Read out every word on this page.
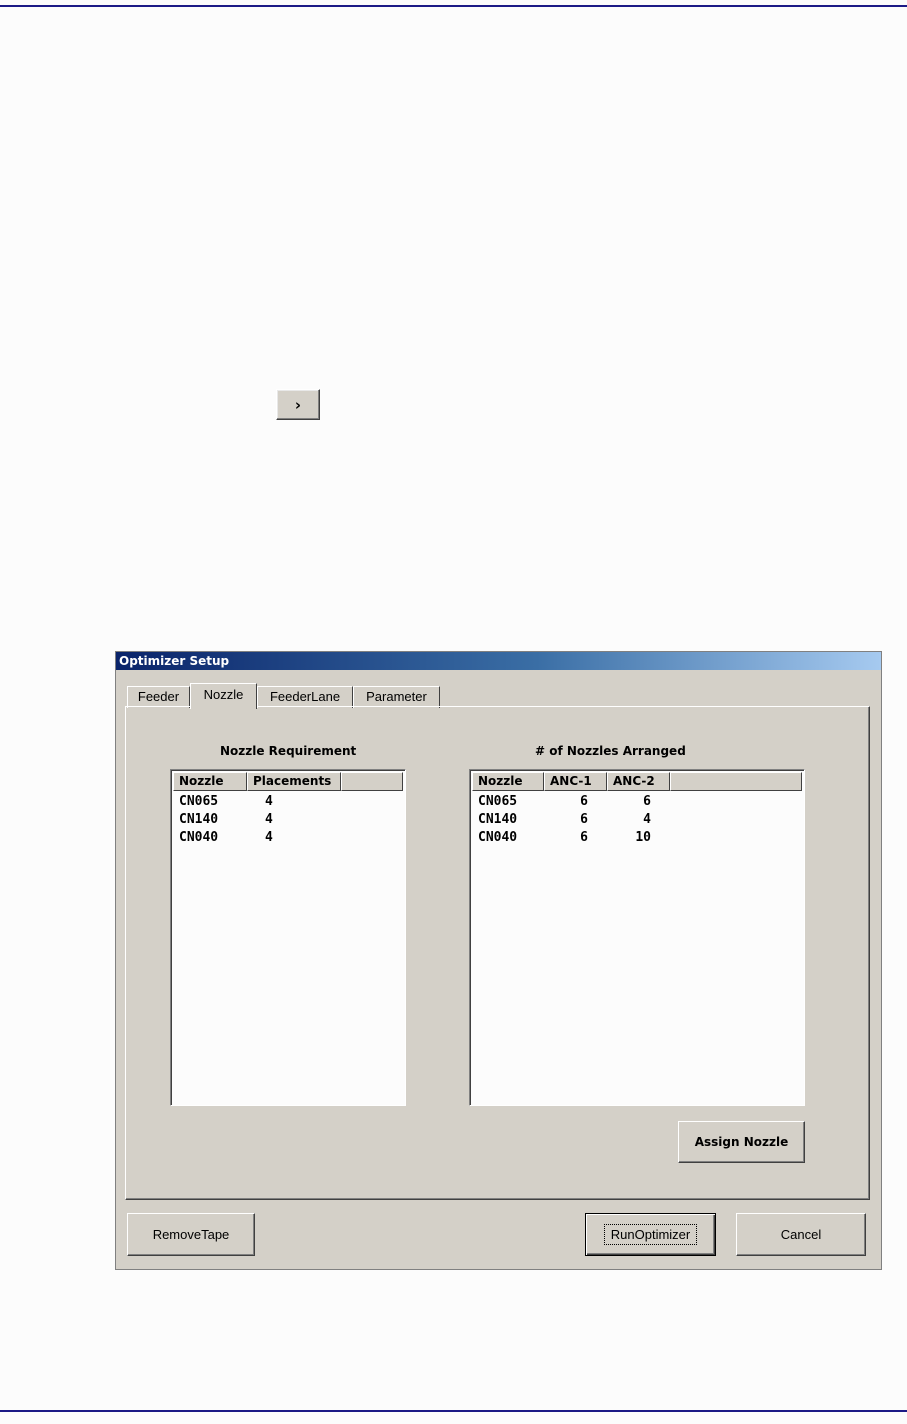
›
Optimizer Setup
Feeder	Nozzle	FeederLane	Parameter
Nozzle Requirement	# of Nozzles Arranged
Nozzle	Placements
CN065	4
CN140	4
CN040	4
Nozzle	ANC-1	ANC-2
CN065	6	6
CN140	6	4
CN040	6	10
Assign Nozzle
RemoveTape	RunOptimizer	Cancel
